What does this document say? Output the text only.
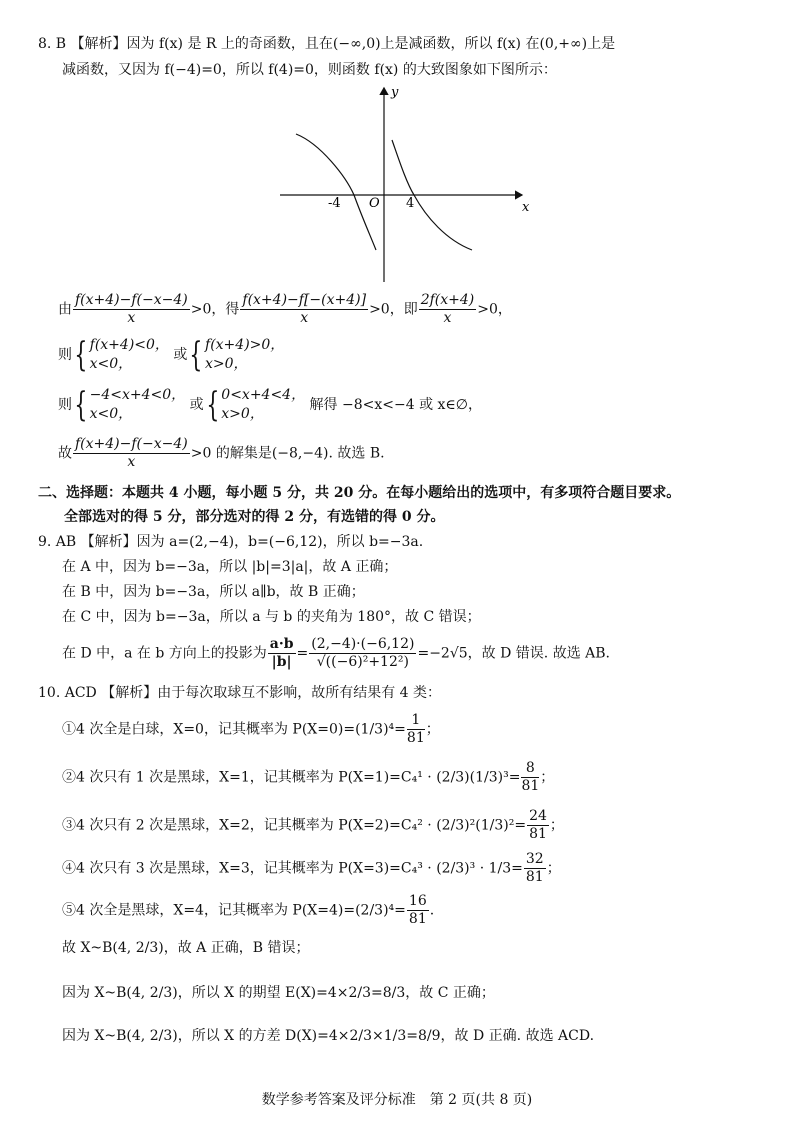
8. B 【解析】因为 f(x) 是 R 上的奇函数，且在(−∞,0)上是减函数，所以 f(x) 在(0,+∞)上是
减函数，又因为 f(−4)=0，所以 f(4)=0，则函数 f(x) 的大致图象如下图所示：
y
x
O
-4	4
由 $\frac{f(x+4)-f(-x-4)}{x} >0$，得 $\frac{f(x+4)-f[-(x+4)]}{x} >0$，即 $\frac{2f(x+4)}{x} >0$，
则{ f(x+4)<0，
x<0，
或{ f(x+4)>0，
x>0，
则{ −4<x+4<0，
x<0，
或{ 0<x+4<4，
x>0，
解得 −8<x<−4 或 x∈∅，
故 $\frac{f(x+4)-f(-x-4)}{x} >0$ 的解集是(−8,−4). 故选 B.
二、选择题：本题共 4 小题，每小题 5 分，共 20 分。在每小题给出的选项中，有多项符合题目要求。
全部选对的得 5 分，部分选对的得 2 分，有选错的得 0 分。
9. AB 【解析】因为 a=(2,−4)，b=(−6,12)，所以 b=−3a.
在 A 中，因为 b=−3a，所以 |b|=3|a|，故 A 正确；
在 B 中，因为 b=−3a，所以 a∥b，故 B 正确；
在 C 中，因为 b=−3a，所以 a 与 b 的夹角为 180°，故 C 错误；
在 D 中，a 在 b 方向上的投影为 $\frac{a\cdot b}{|b|} = \frac{(2,-4)\cdot(-6,12)}{\text{√((−6)²+12²)}} =-2√5$，故 D 错误. 故选 AB.
10. ACD 【解析】由于每次取球互不影响，故所有结果有 4 类：
①4 次全是白球，X=0，记其概率为 $P(X=0)=(1/3)^4= \frac{1}{81}$ ；
②4 次只有 1 次是黑球，X=1，记其概率为 $P(X=1)=C_4^1 \cdot (2/3)(1/3)^3= \frac{8}{81}$ ；
③4 次只有 2 次是黑球，X=2，记其概率为 $P(X=2)=C_4^2 \cdot (2/3)^2(1/3)^2= \frac{24}{81}$ ；
④4 次只有 3 次是黑球，X=3，记其概率为 $P(X=3)=C_4^3 \cdot (2/3)^3 \cdot 1/3= \frac{32}{81}$ ；
⑤4 次全是黑球，X=4，记其概率为 $P(X=4)=(2/3)^4= \frac{16}{81}$ .
故 X~B(4, 2/3)，故 A 正确，B 错误；
因为 X~B(4, 2/3)，所以 X 的期望 E(X)=4×2/3=8/3，故 C 正确；
因为 X~B(4, 2/3)，所以 X 的方差 D(X)=4×2/3×1/3=8/9，故 D 正确. 故选 ACD.
数学参考答案及评分标准　第 2 页(共 8 页)
